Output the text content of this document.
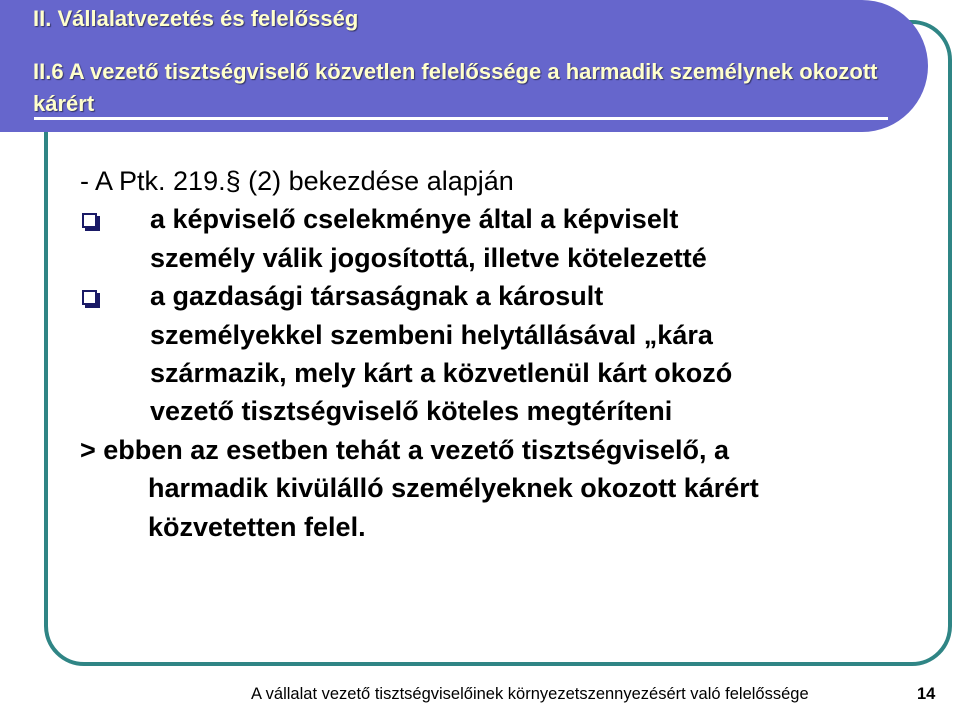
II. Vállalatvezetés és felelősség
II.6 A vezető tisztségviselő közvetlen felelőssége a harmadik személynek okozott kárért

- A Ptk. 219.§ (2) bekezdése alapján

a képviselő cselekménye által a képviselt
személy válik jogosítottá, illetve kötelezetté
a gazdasági társaságnak a károsult
személyekkel szembeni helytállásával „kára
származik, mely kárt a közvetlenül kárt okozó
vezető tisztségviselő köteles megtéríteni

> ebben az esetben tehát a vezető tisztségviselő, a
harmadik kivülálló személyeknek okozott kárért
közvetetten felel.

A vállalat vezető tisztségviselőinek környezetszennyezésért való felelőssége	14
